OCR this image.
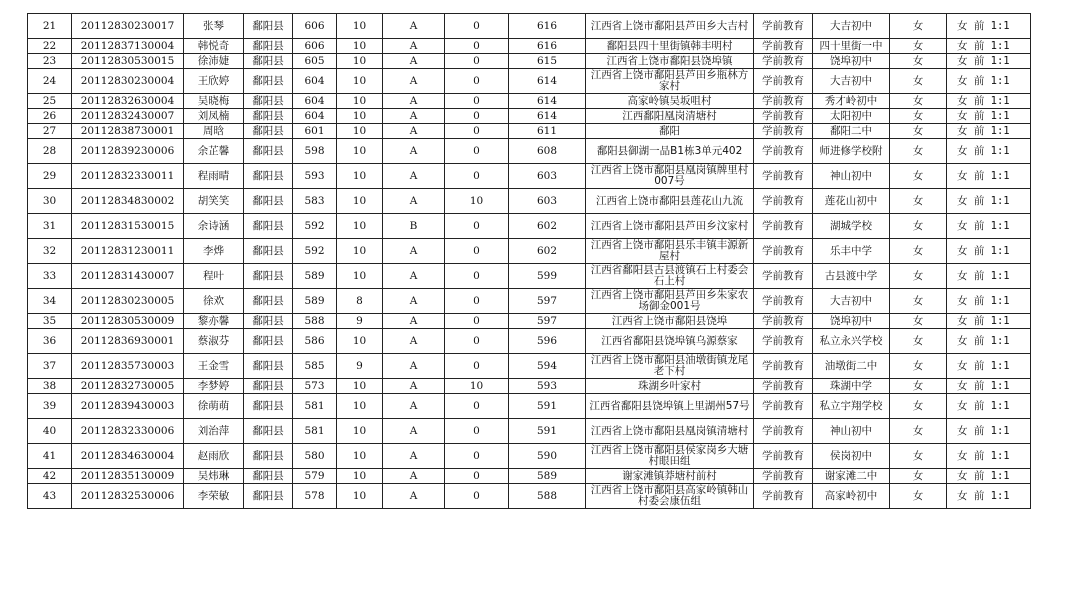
21	20112830230017	张琴	鄱阳县	606	10	A	0	616	江西省上饶市鄱阳县芦田乡大吉村	学前教育	大吉初中	女	女 前 1:1
22	20112837130004	韩悦奇	鄱阳县	606	10	A	0	616	鄱阳县四十里街镇韩丰明村	学前教育	四十里街一中	女	女 前 1:1
23	20112830530015	徐沛婕	鄱阳县	605	10	A	0	615	江西省上饶市鄱阳县饶埠镇	学前教育	饶埠初中	女	女 前 1:1
24	20112830230004	王欣婷	鄱阳县	604	10	A	0	614	江西省上饶市鄱阳县芦田乡瓶林方家村	学前教育	大吉初中	女	女 前 1:1
25	20112832630004	吴晓梅	鄱阳县	604	10	A	0	614	高家岭镇吴坂咀村	学前教育	秀才岭初中	女	女 前 1:1
26	20112832430007	刘凤楠	鄱阳县	604	10	A	0	614	江西鄱阳凰岗清塘村	学前教育	太阳初中	女	女 前 1:1
27	20112838730001	周晗	鄱阳县	601	10	A	0	611	鄱阳	学前教育	鄱阳二中	女	女 前 1:1
28	20112839230006	余芷馨	鄱阳县	598	10	A	0	608	鄱阳县御湖一品B1栋3单元402	学前教育	师进修学校附	女	女 前 1:1
29	20112832330011	程雨晴	鄱阳县	593	10	A	0	603	江西省上饶市鄱阳县凰岗镇牌里村007号	学前教育	神山初中	女	女 前 1:1
30	20112834830002	胡笑笑	鄱阳县	583	10	A	10	603	江西省上饶市鄱阳县莲花山九流	学前教育	莲花山初中	女	女 前 1:1
31	20112831530015	余诗涵	鄱阳县	592	10	B	0	602	江西省上饶市鄱阳县芦田乡汶家村	学前教育	湖城学校	女	女 前 1:1
32	20112831230011	李烨	鄱阳县	592	10	A	0	602	江西省上饶市鄱阳县乐丰镇丰源新屋村	学前教育	乐丰中学	女	女 前 1:1
33	20112831430007	程叶	鄱阳县	589	10	A	0	599	江西省鄱阳县古县渡镇石上村委会石上村	学前教育	古县渡中学	女	女 前 1:1
34	20112830230005	徐欢	鄱阳县	589	8	A	0	597	江西省上饶市鄱阳县芦田乡朱家农场御金001号	学前教育	大吉初中	女	女 前 1:1
35	20112830530009	黎亦馨	鄱阳县	588	9	A	0	597	江西省上饶市鄱阳县饶埠	学前教育	饶埠初中	女	女 前 1:1
36	20112836930001	蔡淑芬	鄱阳县	586	10	A	0	596	江西省鄱阳县饶埠镇乌源蔡家	学前教育	私立永兴学校	女	女 前 1:1
37	20112835730003	王金雪	鄱阳县	585	9	A	0	594	江西省上饶市鄱阳县油墩街镇龙尾老下村	学前教育	油墩街二中	女	女 前 1:1
38	20112832730005	李梦婷	鄱阳县	573	10	A	10	593	珠湖乡叶家村	学前教育	珠湖中学	女	女 前 1:1
39	20112839430003	徐萌萌	鄱阳县	581	10	A	0	591	江西省鄱阳县饶埠镇上里湖州57号	学前教育	私立宇翔学校	女	女 前 1:1
40	20112832330006	刘治萍	鄱阳县	581	10	A	0	591	江西省上饶市鄱阳县凰岗镇清塘村	学前教育	神山初中	女	女 前 1:1
41	20112834630004	赵雨欣	鄱阳县	580	10	A	0	590	江西省上饶市鄱阳县侯家岗乡大塘村眼田组	学前教育	侯岗初中	女	女 前 1:1
42	20112835130009	吴炜琳	鄱阳县	579	10	A	0	589	谢家滩镇莽塘村前村	学前教育	谢家滩二中	女	女 前 1:1
43	20112832530006	李荣敏	鄱阳县	578	10	A	0	588	江西省上饶市鄱阳县高家岭镇韩山村委会康伍组	学前教育	高家岭初中	女	女 前 1:1
